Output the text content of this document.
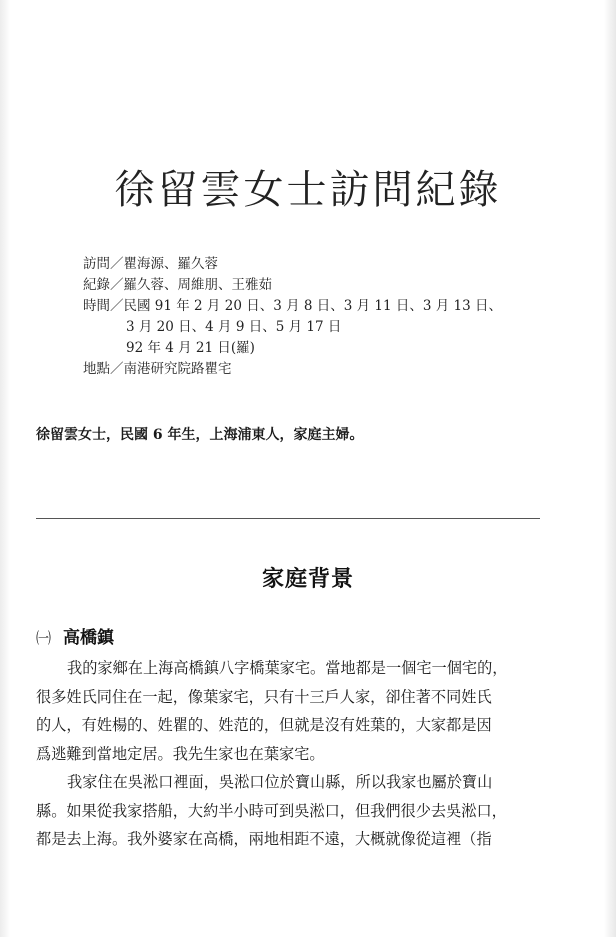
徐留雲女士訪問紀錄
訪問／瞿海源、羅久蓉
紀錄／羅久蓉、周維朋、王雅茹
時間／民國 91 年 2 月 20 日、3 月 8 日、3 月 11 日、3 月 13 日、
3 月 20 日、4 月 9 日、5 月 17 日
92 年 4 月 21 日(羅)
地點／南港研究院路瞿宅
徐留雲女士，民國 6 年生，上海浦東人，家庭主婦。
家庭背景
㈠ 高橋鎮
我的家鄉在上海高橋鎮八字橋葉家宅。當地都是一個宅一個宅的，
很多姓氏同住在一起，像葉家宅，只有十三戶人家，卻住著不同姓氏
的人，有姓楊的、姓瞿的、姓范的，但就是沒有姓葉的，大家都是因
爲逃難到當地定居。我先生家也在葉家宅。
我家住在吳淞口裡面，吳淞口位於寶山縣，所以我家也屬於寶山
縣。如果從我家搭船，大約半小時可到吳淞口，但我們很少去吳淞口，
都是去上海。我外婆家在高橋，兩地相距不遠，大概就像從這裡（指
